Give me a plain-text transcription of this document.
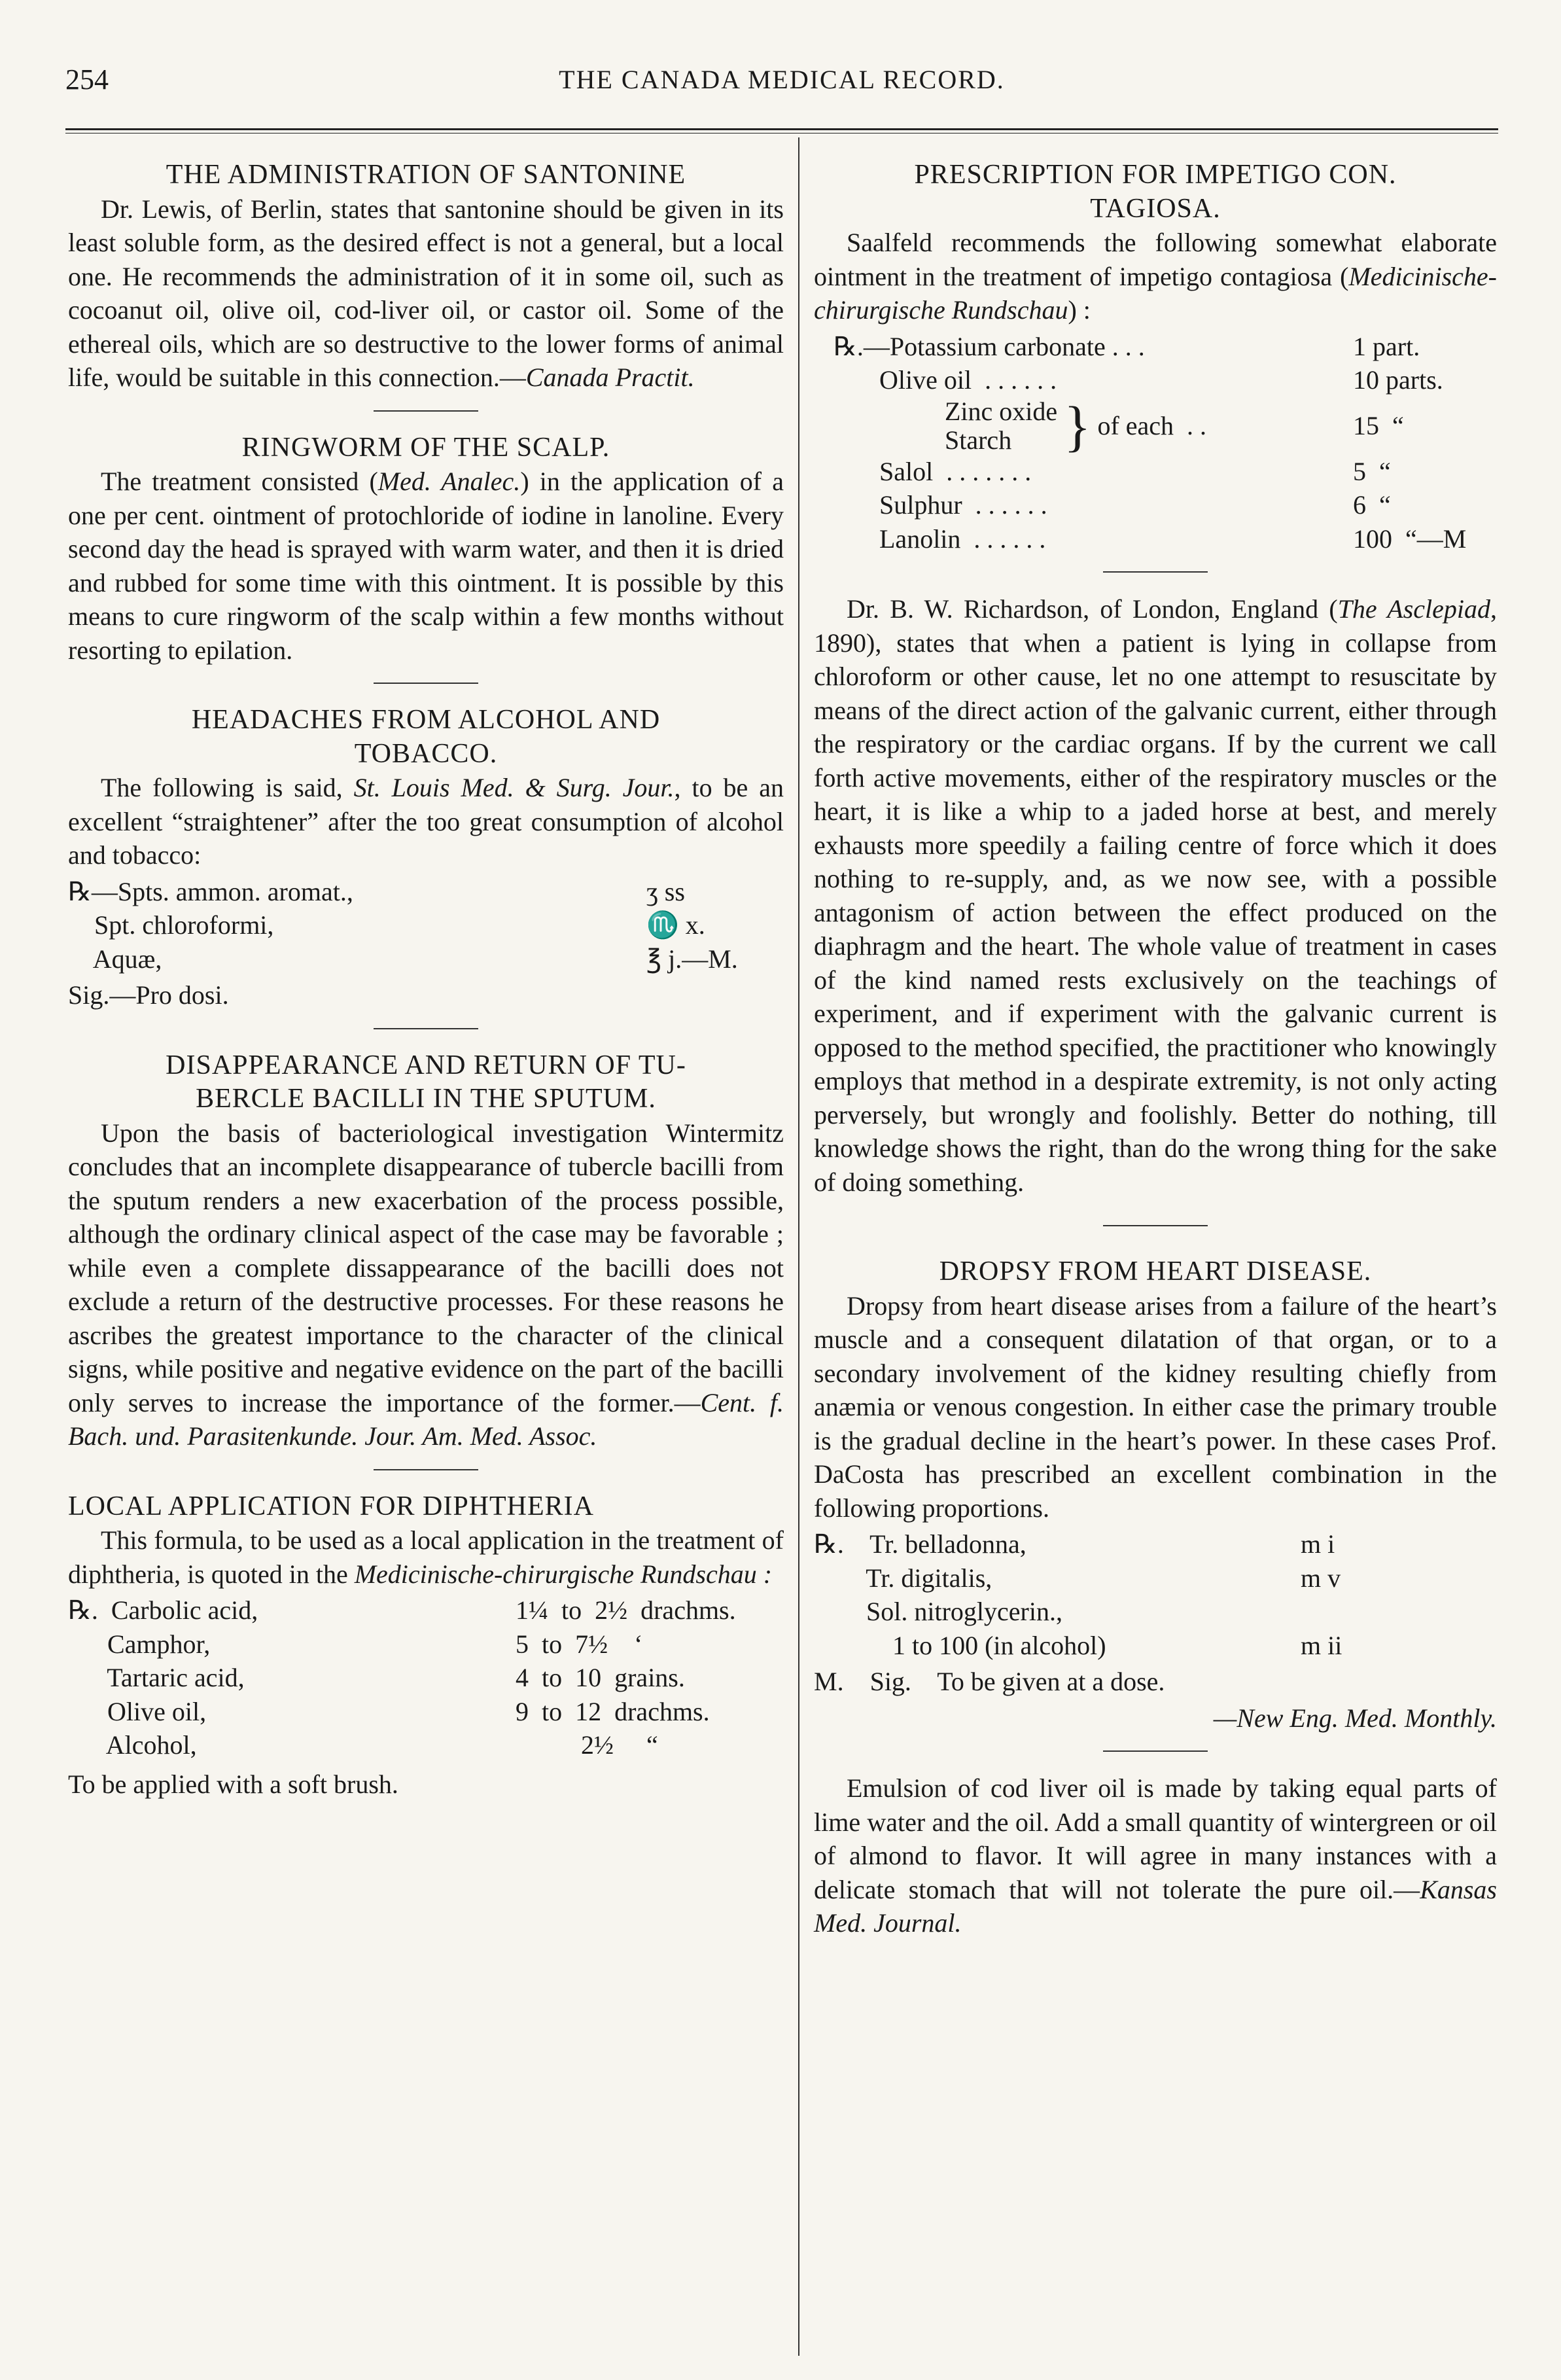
254	THE CANADA MEDICAL RECORD.
THE ADMINISTRATION OF SANTONINE

Dr. Lewis, of Berlin, states that santonine should be given in its least soluble form, as the desired effect is not a general, but a local one. He recommends the administration of it in some oil, such as cocoanut oil, olive oil, cod-liver oil, or castor oil. Some of the ethereal oils, which are so destructive to the lower forms of animal life, would be suitable in this connection.—Canada Practit.

RINGWORM OF THE SCALP.

The treatment consisted (Med. Analec.) in the application of a one per cent. ointment of protochloride of iodine in lanoline. Every second day the head is sprayed with warm water, and then it is dried and rubbed for some time with this ointment. It is possible by this means to cure ringworm of the scalp within a few months without resorting to epilation.

HEADACHES FROM ALCOHOL AND
TOBACCO.

The following is said, St. Louis Med. & Surg. Jour., to be an excellent “straightener” after the too great consumption of alcohol and tobacco:

℞—Spts. ammon. aromat.,	ʒ ss
Spt. chloroformi,	♏ x.
Aquæ,	℥ j.—M.
Sig.—Pro dosi.
DISAPPEARANCE AND RETURN OF TU-
BERCLE BACILLI IN THE SPUTUM.

Upon the basis of bacteriological investigation Wintermitz concludes that an incomplete disappearance of tubercle bacilli from the sputum renders a new exacerbation of the process possible, although the ordinary clinical aspect of the case may be favorable ; while even a complete dissappearance of the bacilli does not exclude a return of the destructive processes. For these reasons he ascribes the greatest importance to the character of the clinical signs, while positive and negative evidence on the part of the bacilli only serves to increase the importance of the former.—Cent. f. Bach. und. Parasitenkunde. Jour. Am. Med. Assoc.

LOCAL APPLICATION FOR DIPHTHERIA

This formula, to be used as a local application in the treatment of diphtheria, is quoted in the Medicinische-chirurgische Rundschau :

℞.  Carbolic acid,	1¼  to  2½  drachms.
Camphor,	5  to  7½    ‘
Tartaric acid,	4  to  10  grains.
Olive oil,	9  to  12  drachms.
Alcohol,	2½     “
To be applied with a soft brush.
PRESCRIPTION FOR IMPETIGO CON.
TAGIOSA.

Saalfeld recommends the following somewhat elaborate ointment in the treatment of impetigo contagiosa (Medicinische-chirurgische Rundschau) :

℞.—Potassium carbonate . . .	1 part.
Olive oil  . . . . . .	10 parts.
Zinc oxide
Starch } of each  . .	15  “
Salol  . . . . . . .	5  “
Sulphur  . . . . . .	6  “
Lanolin  . . . . . .	100  “—M

Dr. B. W. Richardson, of London, England (The Asclepiad, 1890), states that when a patient is lying in collapse from chloroform or other cause, let no one attempt to resuscitate by means of the direct action of the galvanic current, either through the respiratory or the cardiac organs. If by the current we call forth active movements, either of the respiratory muscles or the heart, it is like a whip to a jaded horse at best, and merely exhausts more speedily a failing centre of force which it does nothing to re-supply, and, as we now see, with a possible antagonism of action between the effect produced on the diaphragm and the heart. The whole value of treatment in cases of the kind named rests exclusively on the teachings of experiment, and if experiment with the galvanic current is opposed to the method specified, the practitioner who knowingly employs that method in a despirate extremity, is not only acting perversely, but wrongly and foolishly. Better do nothing, till knowledge shows the right, than do the wrong thing for the sake of doing something.

DROPSY FROM HEART DISEASE.

Dropsy from heart disease arises from a failure of the heart’s muscle and a consequent dilatation of that organ, or to a secondary involvement of the kidney resulting chiefly from anæmia or venous congestion. In either case the primary trouble is the gradual decline in the heart’s power. In these cases Prof. DaCosta has prescribed an excellent combination in the following proportions.

℞.    Tr. belladonna,	m i
Tr. digitalis,	m v
Sol. nitroglycerin.,
1 to 100 (in alcohol)	m ii
M.    Sig.    To be given at a dose.
—New Eng. Med. Monthly.

Emulsion of cod liver oil is made by taking equal parts of lime water and the oil. Add a small quantity of wintergreen or oil of almond to flavor. It will agree in many instances with a delicate stomach that will not tolerate the pure oil.—Kansas Med. Journal.
